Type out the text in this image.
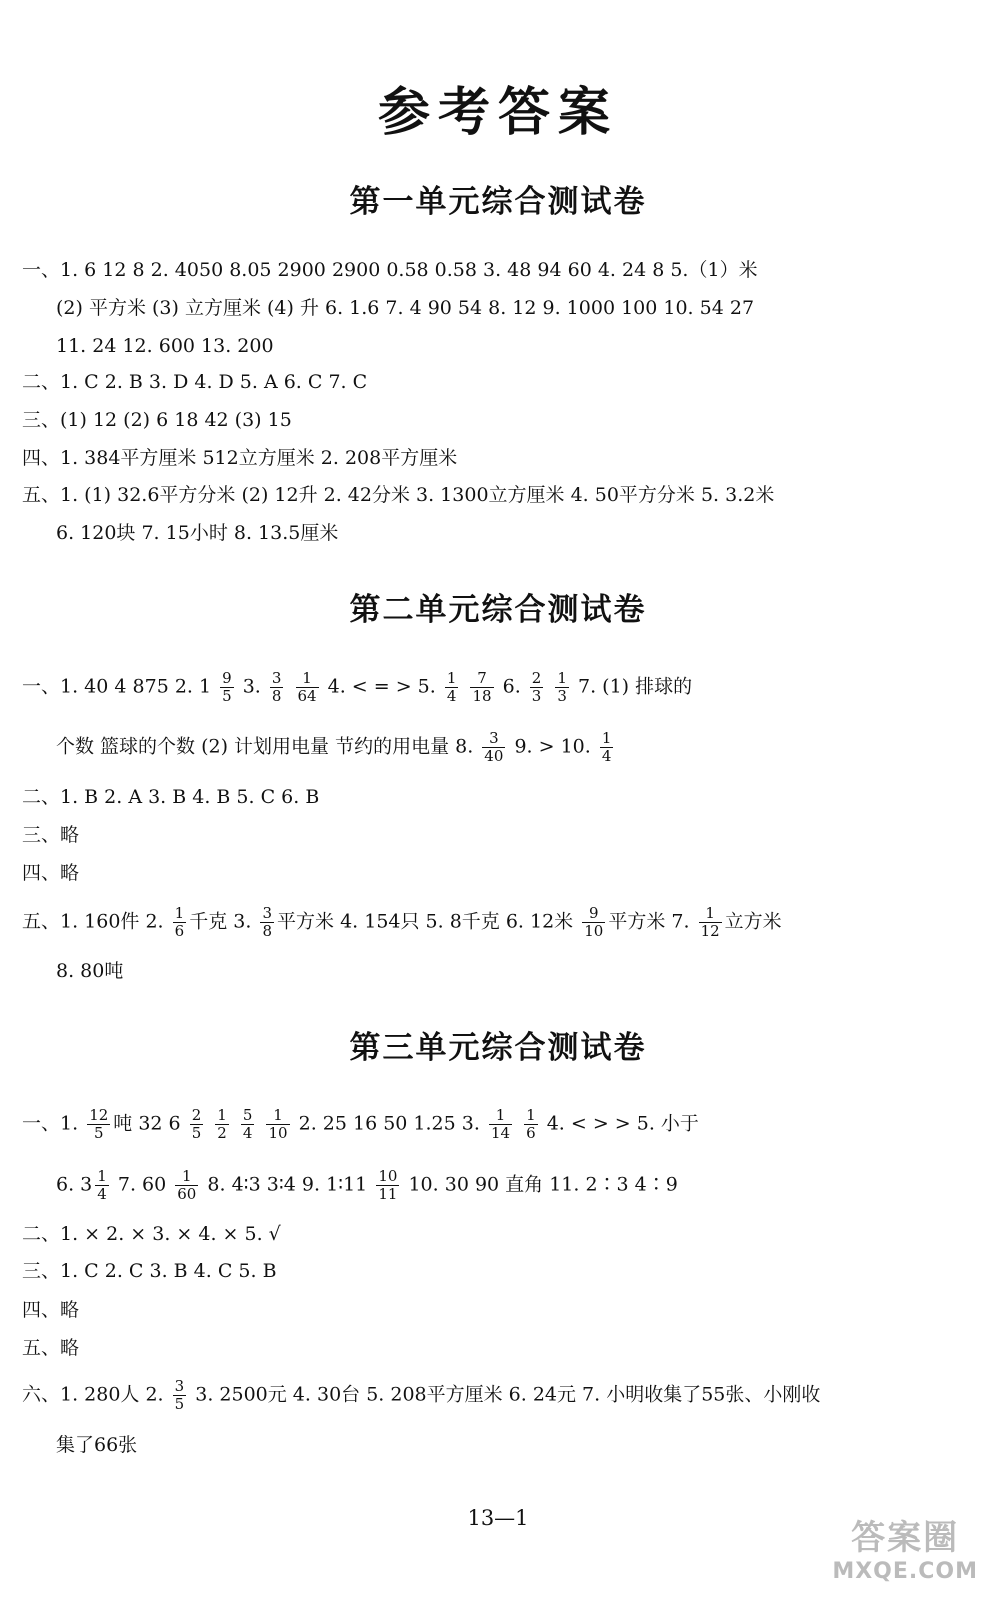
参考答案
第一单元综合测试卷
一、1. 6 12 8 2. 4050 8.05 2900 2900 0.58 0.58 3. 48 94 60 4. 24 8 5.（1）米
(2) 平方米 (3) 立方厘米 (4) 升 6. 1.6 7. 4 90 54 8. 12 9. 1000 100 10. 54 27
11. 24 12. 600 13. 200
二、1. C 2. B 3. D 4. D 5. A 6. C 7. C
三、(1) 12 (2) 6 18 42 (3) 15
四、1. 384平方厘米 512立方厘米 2. 208平方厘米
五、1. (1) 32.6平方分米 (2) 12升 2. 42分米 3. 1300立方厘米 4. 50平方分米 5. 3.2米
6. 120块 7. 15小时 8. 13.5厘米
第二单元综合测试卷
一、1. 40 4 875 2. $1 \frac{9}{5} 3$. $\frac{3}{8}$
$\frac{1}{64} 4$. < = > 5. $\frac{1}{4}$
$\frac{7}{18} 6$. $\frac{2}{3}$
$\frac{1}{3} 7$. (1) 排球的
个数 篮球的个数 (2) 计划用电量 节约的用电量 8. $\frac{3}{40} 9$. > 10. $\frac{1}{4}$
二、1. B 2. A 3. B 4. B 5. C 6. B
三、略
四、略
五、1. 160件 2. $\frac{1}{6}$ 千克 3. $\frac{3}{8}$ 平方米 4. 154只 5. 8千克 6. 12米 $\frac{9}{10}$ 平方米 7. $\frac{1}{12}$ 立方米
8. 80吨
第三单元综合测试卷
一、1. $\frac{12}{5}$ 吨 32 $6 \frac{2}{5}$
$\frac{1}{2}$
$\frac{5}{4}$
$\frac{1}{10} 2$. 25 16 50 1.25 3. $\frac{1}{14}$
$\frac{1}{6} 4$. < > > 5. 小于
6. $3 \frac{1}{4} 7$. $60 \frac{1}{60} 8$. 4∶3 3∶4 9. 1∶11 $\frac{10}{11} 10$. 30 90 直角 11. 2∶3 4∶9
二、1. × 2. × 3. × 4. × 5. √
三、1. C 2. C 3. B 4. C 5. B
四、略
五、略
六、1. 280人 2. $\frac{3}{5} 3$. 2500元 4. 30台 5. 208平方厘米 6. 24元 7. 小明收集了55张、小刚收
集了66张
13—1	答案圈
MXQE.COM
